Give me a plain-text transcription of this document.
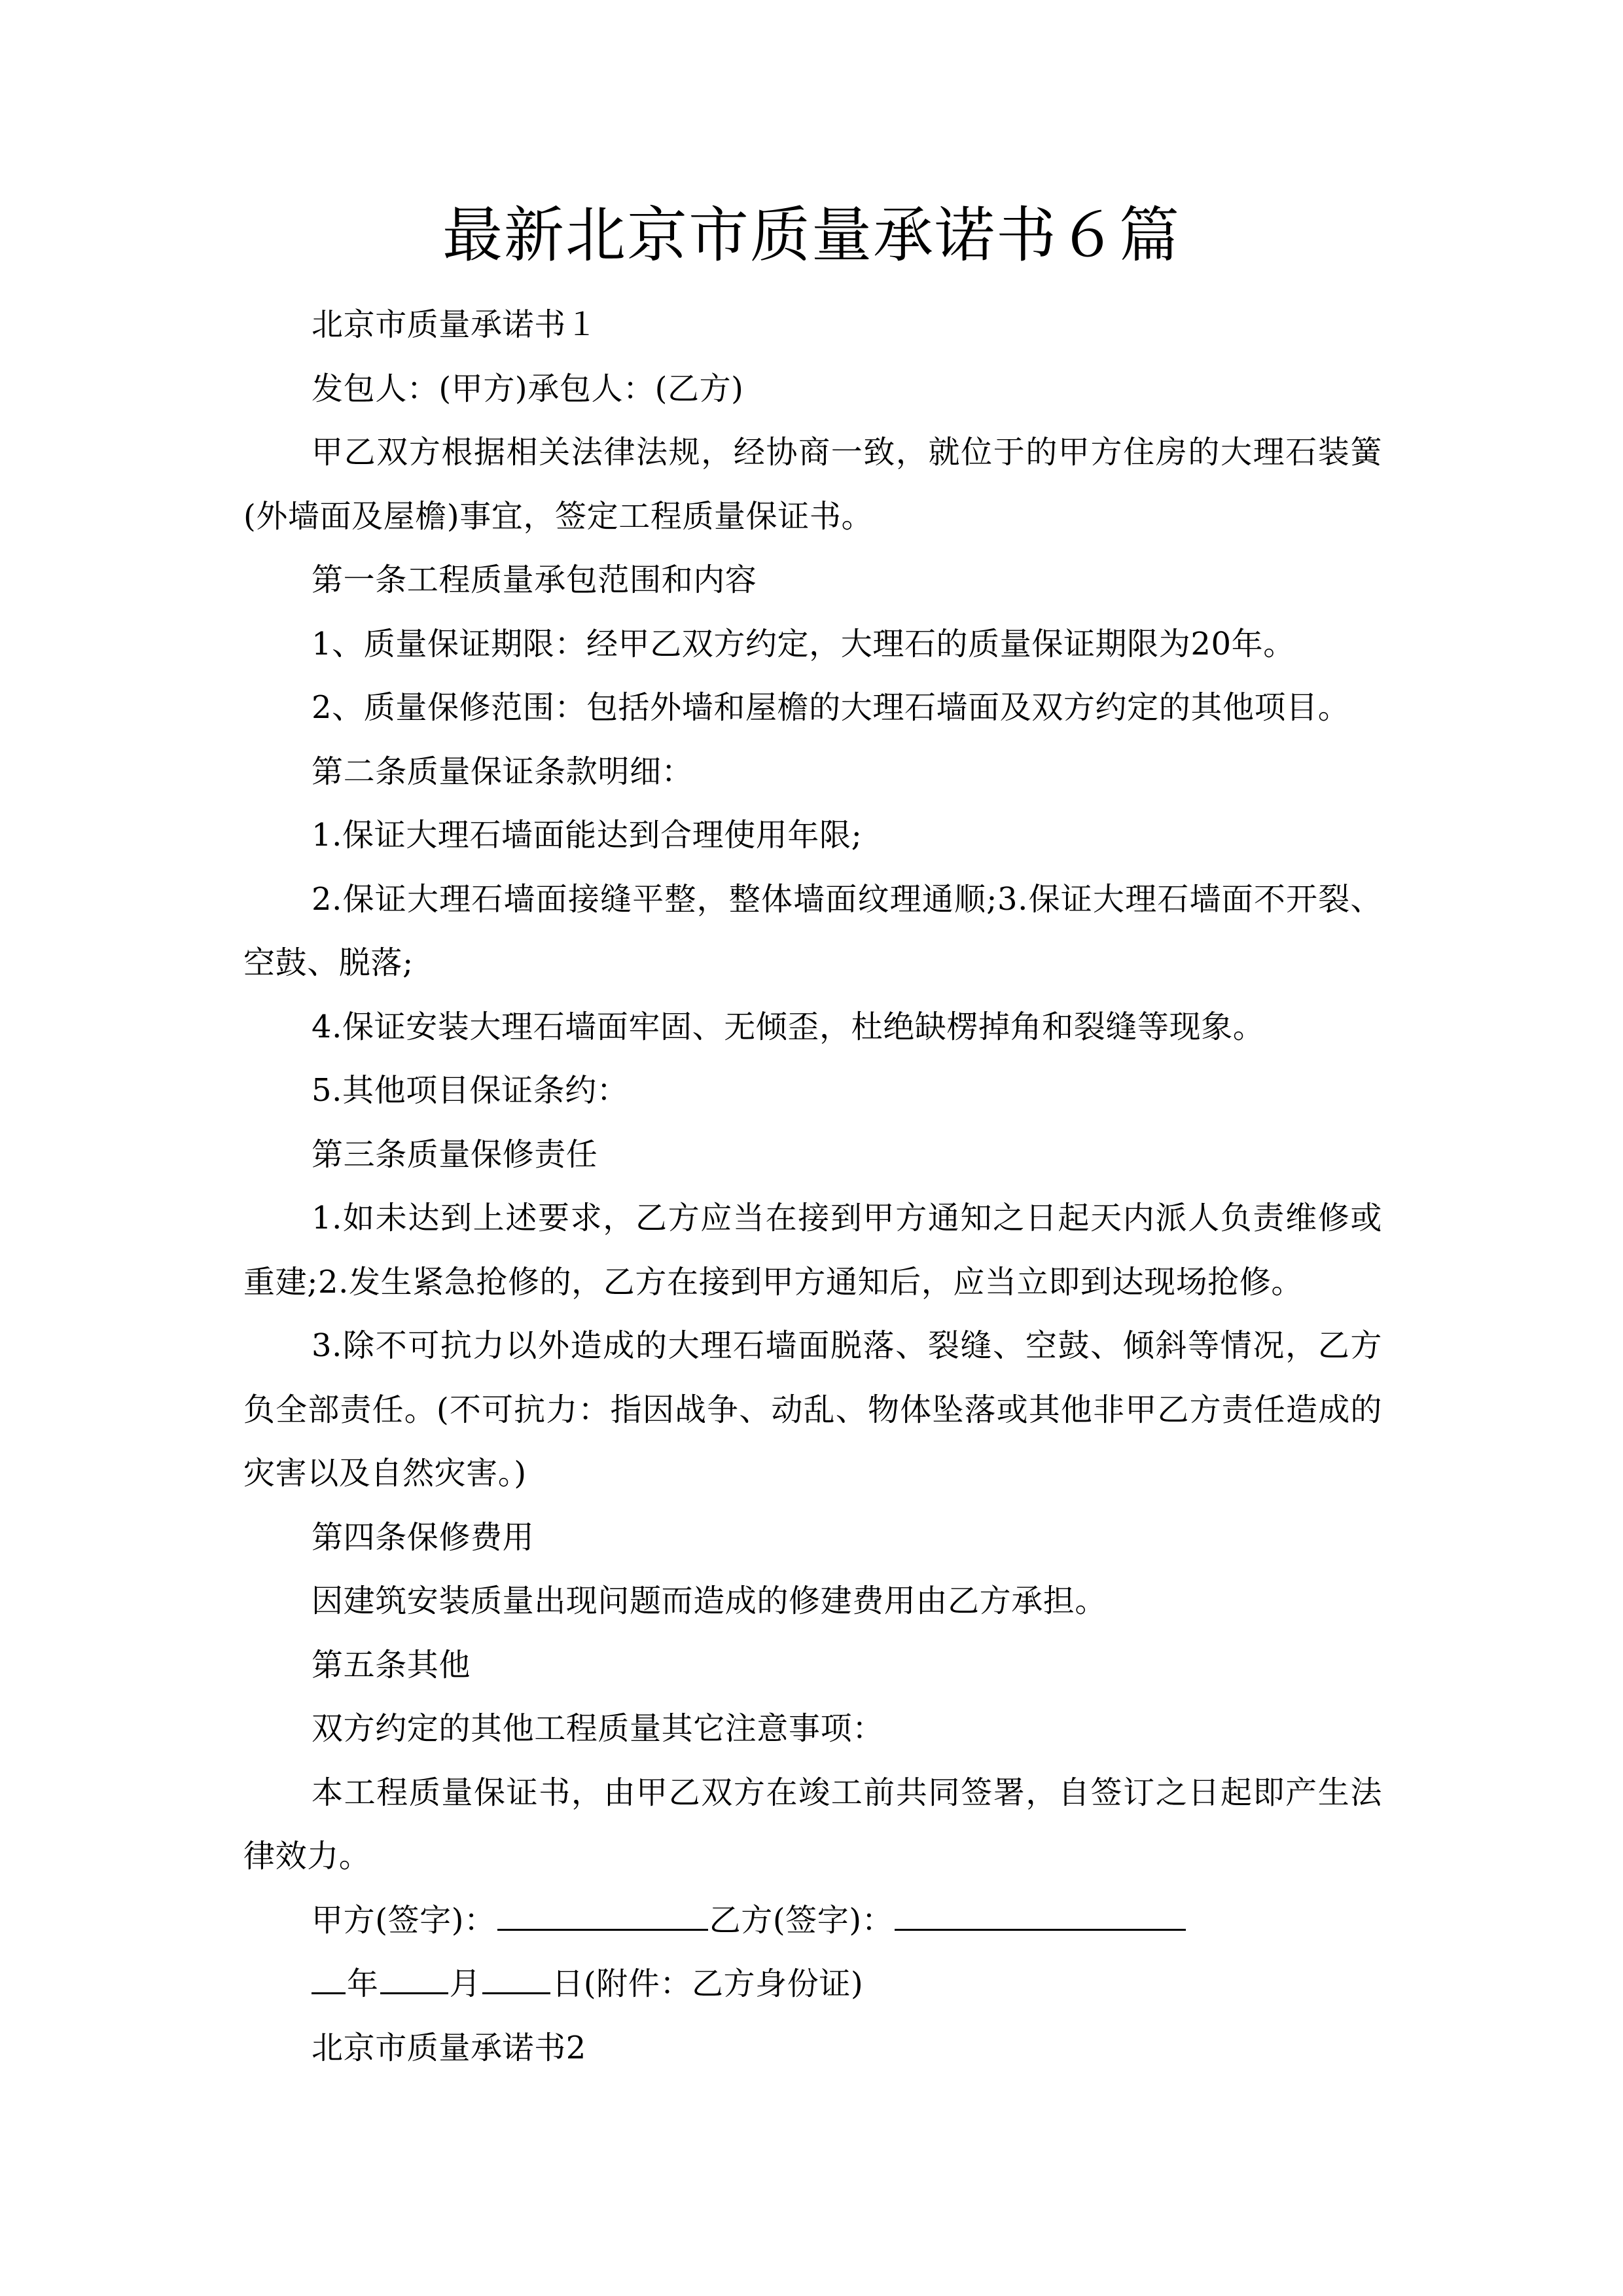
最新北京市质量承诺书６篇

北京市质量承诺书１

发包人：(甲方)承包人：(乙方)

甲乙双方根据相关法律法规，经协商一致，就位于的甲方住房的大理石装簧(外墙面及屋檐)事宜，签定工程质量保证书。

第一条工程质量承包范围和内容

1、质量保证期限：经甲乙双方约定，大理石的质量保证期限为20年。

2、质量保修范围：包括外墙和屋檐的大理石墙面及双方约定的其他项目。

第二条质量保证条款明细：

1.保证大理石墙面能达到合理使用年限;

2.保证大理石墙面接缝平整，整体墙面纹理通顺;3.保证大理石墙面不开裂、空鼓、脱落;

4.保证安装大理石墙面牢固、无倾歪，杜绝缺楞掉角和裂缝等现象。

5.其他项目保证条约：

第三条质量保修责任

1.如未达到上述要求，乙方应当在接到甲方通知之日起天内派人负责维修或重建;2.发生紧急抢修的，乙方在接到甲方通知后，应当立即到达现场抢修。

3.除不可抗力以外造成的大理石墙面脱落、裂缝、空鼓、倾斜等情况，乙方负全部责任。(不可抗力：指因战争、动乱、物体坠落或其他非甲乙方责任造成的灾害以及自然灾害。)

第四条保修费用

因建筑安装质量出现问题而造成的修建费用由乙方承担。

第五条其他

双方约定的其他工程质量其它注意事项：

本工程质量保证书，由甲乙双方在竣工前共同签署，自签订之日起即产生法律效力。

甲方(签字)：	乙方(签字)：

年 月 日(附件：乙方身份证)

北京市质量承诺书2
